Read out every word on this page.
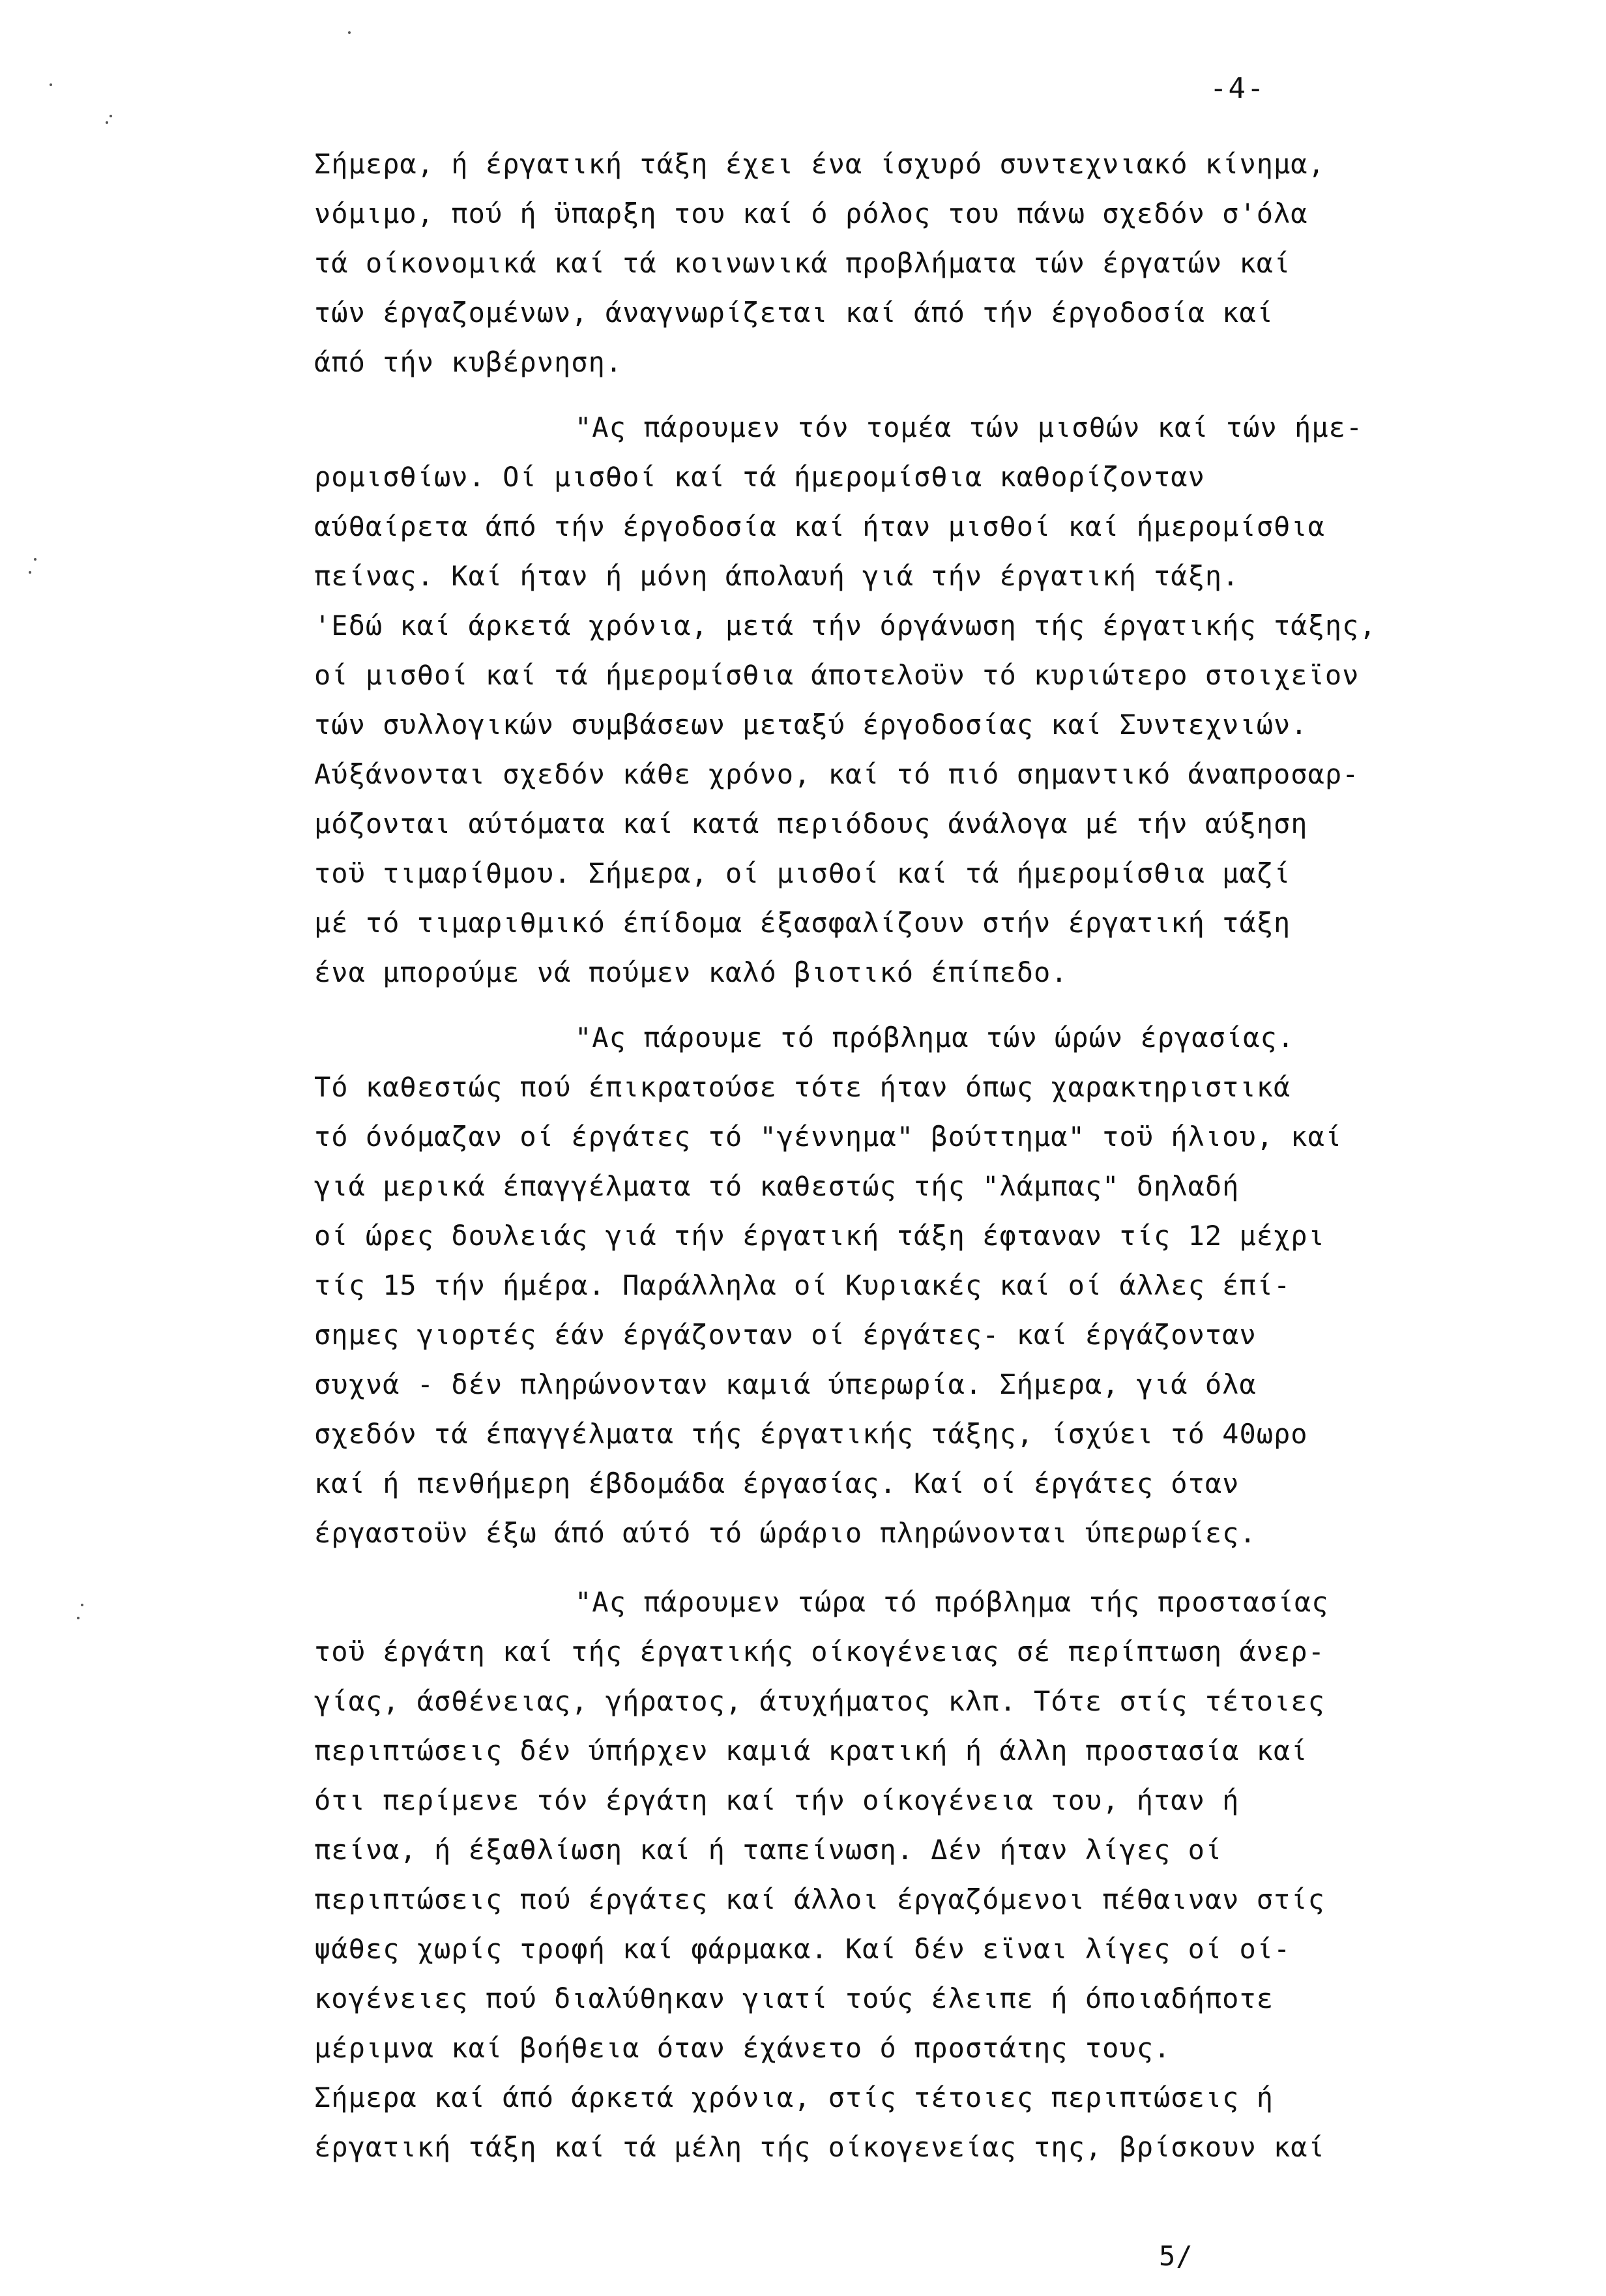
-4-
Σήμερα, ή έργατική τάξη έχει ένα ίσχυρό συντεχνιακό κίνημα,
νόμιμο, πού ή ϋπαρξη του καί ό ρόλος του πάνω σχεδόν σ'όλα
τά οίκονομικά καί τά κοινωνικά προβλήματα τών έργατών καί
τών έργαζομένων, άναγνωρίζεται καί άπό τήν έργοδοσία καί
άπό τήν κυβέρνηση.
"Ας πάρουμεν τόν τομέα τών μισθών καί τών ήμε-
ρομισθίων. Οί μισθοί καί τά ήμερομίσθια καθορίζονταν
αύθαίρετα άπό τήν έργοδοσία καί ήταν μισθοί καί ήμερομίσθια
πείνας. Καί ήταν ή μόνη άπολαυή γιά τήν έργατική τάξη.
'Εδώ καί άρκετά χρόνια, μετά τήν όργάνωση τής έργατικής τάξης,
οί μισθοί καί τά ήμερομίσθια άποτελοϋν τό κυριώτερο στοιχεϊον
τών συλλογικών συμβάσεων μεταξύ έργοδοσίας καί Συντεχνιών.
Αύξάνονται σχεδόν κάθε χρόνο, καί τό πιό σημαντικό άναπροσαρ-
μόζονται αύτόματα καί κατά περιόδους άνάλογα μέ τήν αύξηση
τοϋ τιμαρίθμου. Σήμερα, οί μισθοί καί τά ήμερομίσθια μαζί
μέ τό τιμαριθμικό έπίδομα έξασφαλίζουν στήν έργατική τάξη
ένα μπορούμε νά πούμεν καλό βιοτικό έπίπεδο.
"Ας πάρουμε τό πρόβλημα τών ώρών έργασίας.
Τό καθεστώς πού έπικρατούσε τότε ήταν όπως χαρακτηριστικά
τό όνόμαζαν οί έργάτες τό "γέννημα" βούττημα" τοϋ ήλιου, καί
γιά μερικά έπαγγέλματα τό καθεστώς τής "λάμπας" δηλαδή
οί ώρες δουλειάς γιά τήν έργατική τάξη έφταναν τίς 12 μέχρι
τίς 15 τήν ήμέρα. Παράλληλα οί Κυριακές καί οί άλλες έπί-
σημες γιορτές έάν έργάζονταν οί έργάτες- καί έργάζονταν
συχνά - δέν πληρώνονταν καμιά ύπερωρία. Σήμερα, γιά όλα
σχεδόν τά έπαγγέλματα τής έργατικής τάξης, ίσχύει τό 40ωρο
καί ή πενθήμερη έβδομάδα έργασίας. Καί οί έργάτες όταν
έργαστοϋν έξω άπό αύτό τό ώράριο πληρώνονται ύπερωρίες.
"Ας πάρουμεν τώρα τό πρόβλημα τής προστασίας
τοϋ έργάτη καί τής έργατικής οίκογένειας σέ περίπτωση άνερ-
γίας, άσθένειας, γήρατος, άτυχήματος κλπ. Τότε στίς τέτοιες
περιπτώσεις δέν ύπήρχεν καμιά κρατική ή άλλη προστασία καί
ότι περίμενε τόν έργάτη καί τήν οίκογένεια του, ήταν ή
πείνα, ή έξαθλίωση καί ή ταπείνωση. Δέν ήταν λίγες οί
περιπτώσεις πού έργάτες καί άλλοι έργαζόμενοι πέθαιναν στίς
ψάθες χωρίς τροφή καί φάρμακα. Καί δέν εϊναι λίγες οί οί-
κογένειες πού διαλύθηκαν γιατί τούς έλειπε ή όποιαδήποτε
μέριμνα καί βοήθεια όταν έχάνετο ό προστάτης τους.
Σήμερα καί άπό άρκετά χρόνια, στίς τέτοιες περιπτώσεις ή
έργατική τάξη καί τά μέλη τής οίκογενείας της, βρίσκουν καί
5/
